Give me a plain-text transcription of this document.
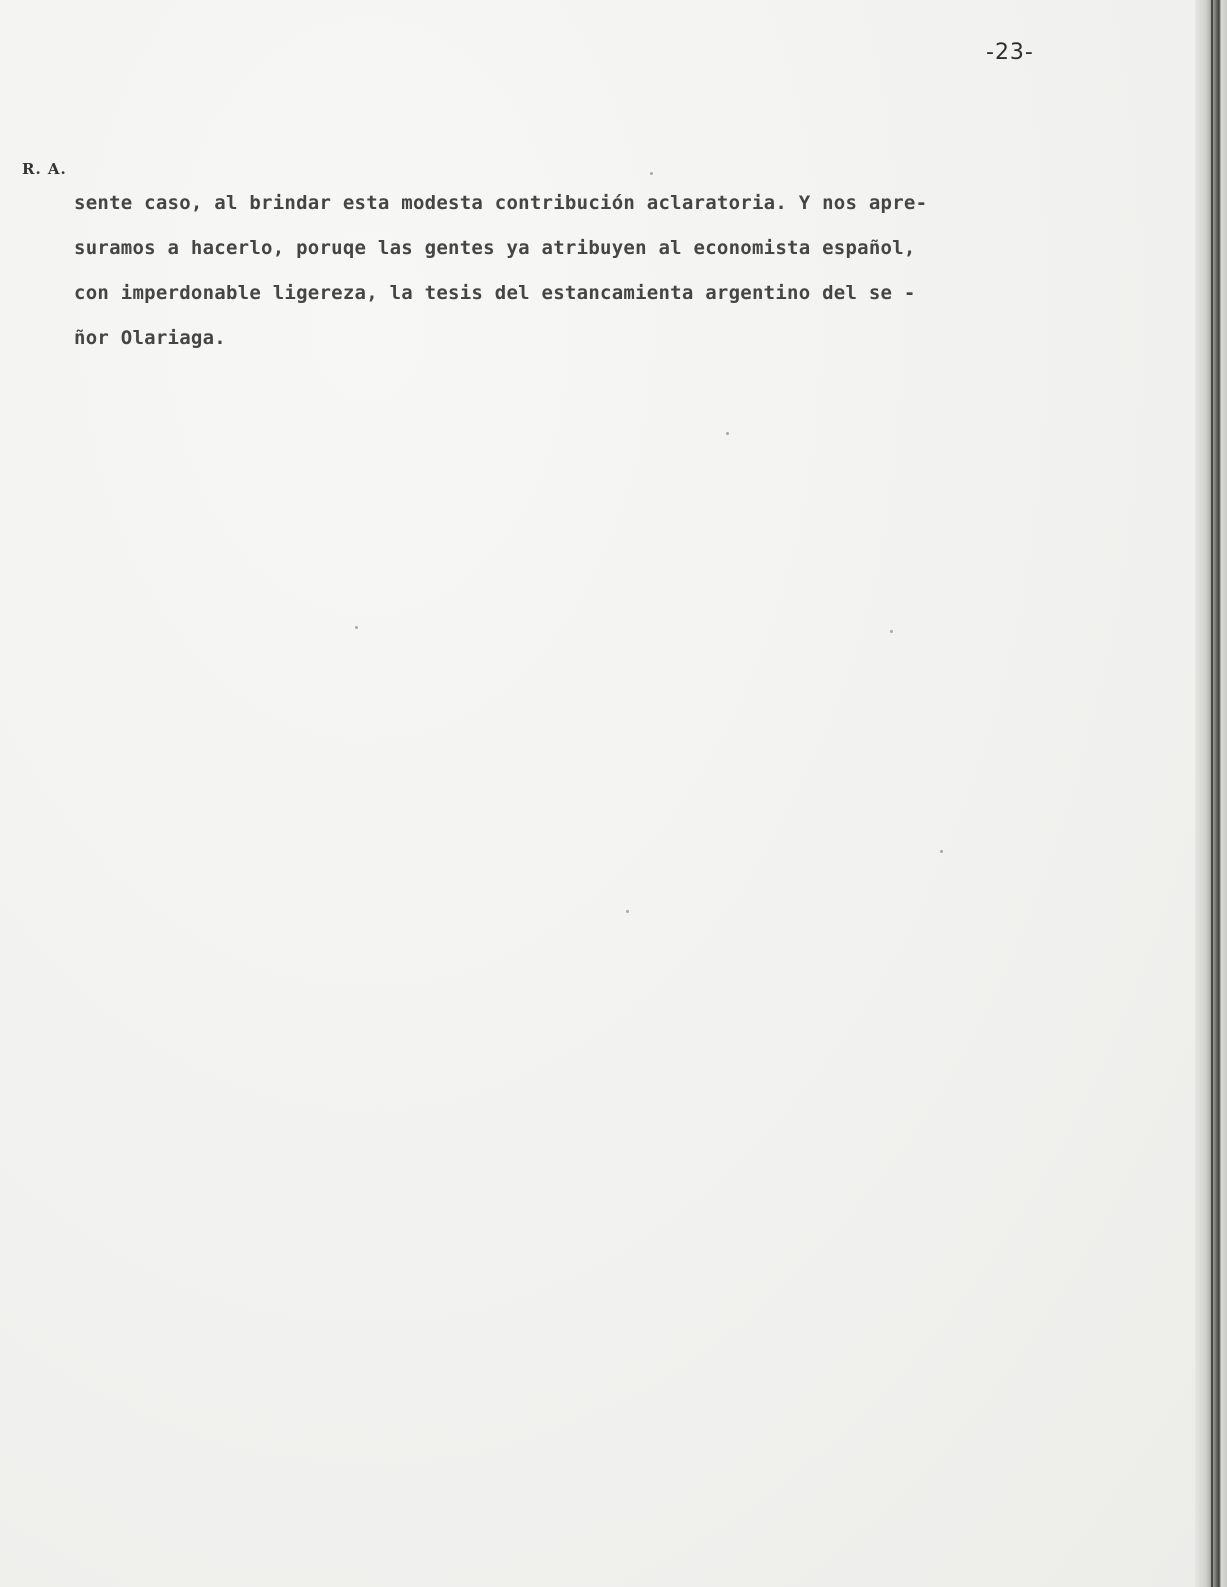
-23-
R. A.
sente caso, al brindar esta modesta contribución aclaratoria. Y nos apre-
suramos a hacerlo, poruqe las gentes ya atribuyen al economista español,
con imperdonable ligereza, la tesis del estancamienta argentino del se -
ñor Olariaga.
